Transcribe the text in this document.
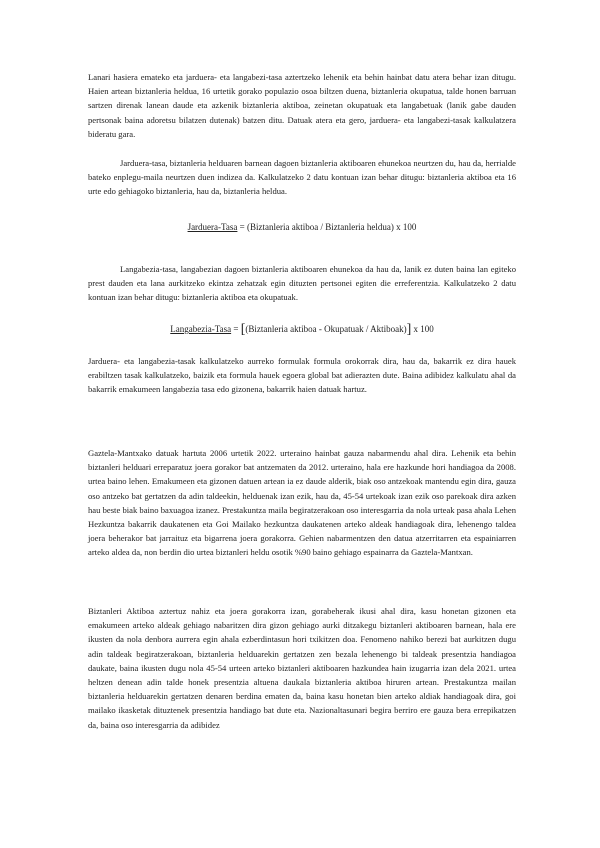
Lanari hasiera emateko eta jarduera- eta langabezi-tasa aztertzeko lehenik eta behin hainbat datu atera behar izan ditugu. Haien artean biztanleria heldua, 16 urtetik gorako populazio osoa biltzen duena, biztanleria okupatua, talde honen barruan sartzen direnak lanean daude eta azkenik biztanleria aktiboa, zeinetan okupatuak eta langabetuak (lanik gabe dauden pertsonak baina adoretsu bilatzen dutenak) batzen ditu. Datuak atera eta gero, jarduera- eta langabezi-tasak kalkulatzera bideratu gara.

Jarduera-tasa, biztanleria helduaren barnean dagoen biztanleria aktiboaren ehunekoa neurtzen du, hau da, herrialde bateko enplegu-maila neurtzen duen indizea da. Kalkulatzeko 2 datu kontuan izan behar ditugu: biztanleria aktiboa eta 16 urte edo gehiagoko biztanleria, hau da, biztanleria heldua.

Jarduera-Tasa = (Biztanleria aktiboa / Biztanleria heldua) x 100

Langabezia-tasa, langabezian dagoen biztanleria aktiboaren ehunekoa da hau da, lanik ez duten baina lan egiteko prest dauden eta lana aurkitzeko ekintza zehatzak egin dituzten pertsonei egiten die erreferentzia. Kalkulatzeko 2 datu kontuan izan behar ditugu: biztanleria aktiboa eta okupatuak.

Langabezia-Tasa = [(Biztanleria aktiboa - Okupatuak / Aktiboak)] x 100

Jarduera- eta langabezia-tasak kalkulatzeko aurreko formulak formula orokorrak dira, hau da, bakarrik ez dira hauek erabiltzen tasak kalkulatzeko, baizik eta formula hauek egoera global bat adierazten dute. Baina adibidez kalkulatu ahal da bakarrik emakumeen langabezia tasa edo gizonena, bakarrik haien datuak hartuz.

Gaztela-Mantxako datuak hartuta 2006 urtetik 2022. urteraino hainbat gauza nabarmendu ahal dira. Lehenik eta behin biztanleri helduari erreparatuz joera gorakor bat antzematen da 2012. urteraino, hala ere hazkunde hori handiagoa da 2008. urtea baino lehen. Emakumeen eta gizonen datuen artean ia ez daude alderik, biak oso antzekoak mantendu egin dira, gauza oso antzeko bat gertatzen da adin taldeekin, helduenak izan ezik, hau da, 45-54 urtekoak izan ezik oso parekoak dira azken hau beste biak baino baxuagoa izanez. Prestakuntza maila begiratzerakoan oso interesgarria da nola urteak pasa ahala Lehen Hezkuntza bakarrik daukatenen eta Goi Mailako hezkuntza daukatenen arteko aldeak handiagoak dira, lehenengo taldea joera beherakor bat jarraituz eta bigarrena joera gorakorra. Gehien nabarmentzen den datua atzerritarren eta espainiarren arteko aldea da, non berdin dio urtea biztanleri heldu osotik %90 baino gehiago espainarra da Gaztela-Mantxan.

Biztanleri Aktiboa aztertuz nahiz eta joera gorakorra izan, gorabeherak ikusi ahal dira, kasu honetan gizonen eta emakumeen arteko aldeak gehiago nabaritzen dira gizon gehiago aurki ditzakegu biztanleri aktiboaren barnean, hala ere ikusten da nola denbora aurrera egin ahala ezberdintasun hori txikitzen doa. Fenomeno nahiko berezi bat aurkitzen dugu adin taldeak begiratzerakoan, biztanleria helduarekin gertatzen zen bezala lehenengo bi taldeak presentzia handiagoa daukate, baina ikusten dugu nola 45-54 urteen arteko biztanleri aktiboaren hazkundea hain izugarria izan dela 2021. urtea heltzen denean adin talde honek presentzia altuena daukala biztanleria aktiboa hiruren artean. Prestakuntza mailan biztanleria helduarekin gertatzen denaren berdina ematen da, baina kasu honetan bien arteko aldiak handiagoak dira, goi mailako ikasketak dituztenek presentzia handiago bat dute eta. Nazionaltasunari begira berriro ere gauza bera errepikatzen da, baina oso interesgarria da adibidez
